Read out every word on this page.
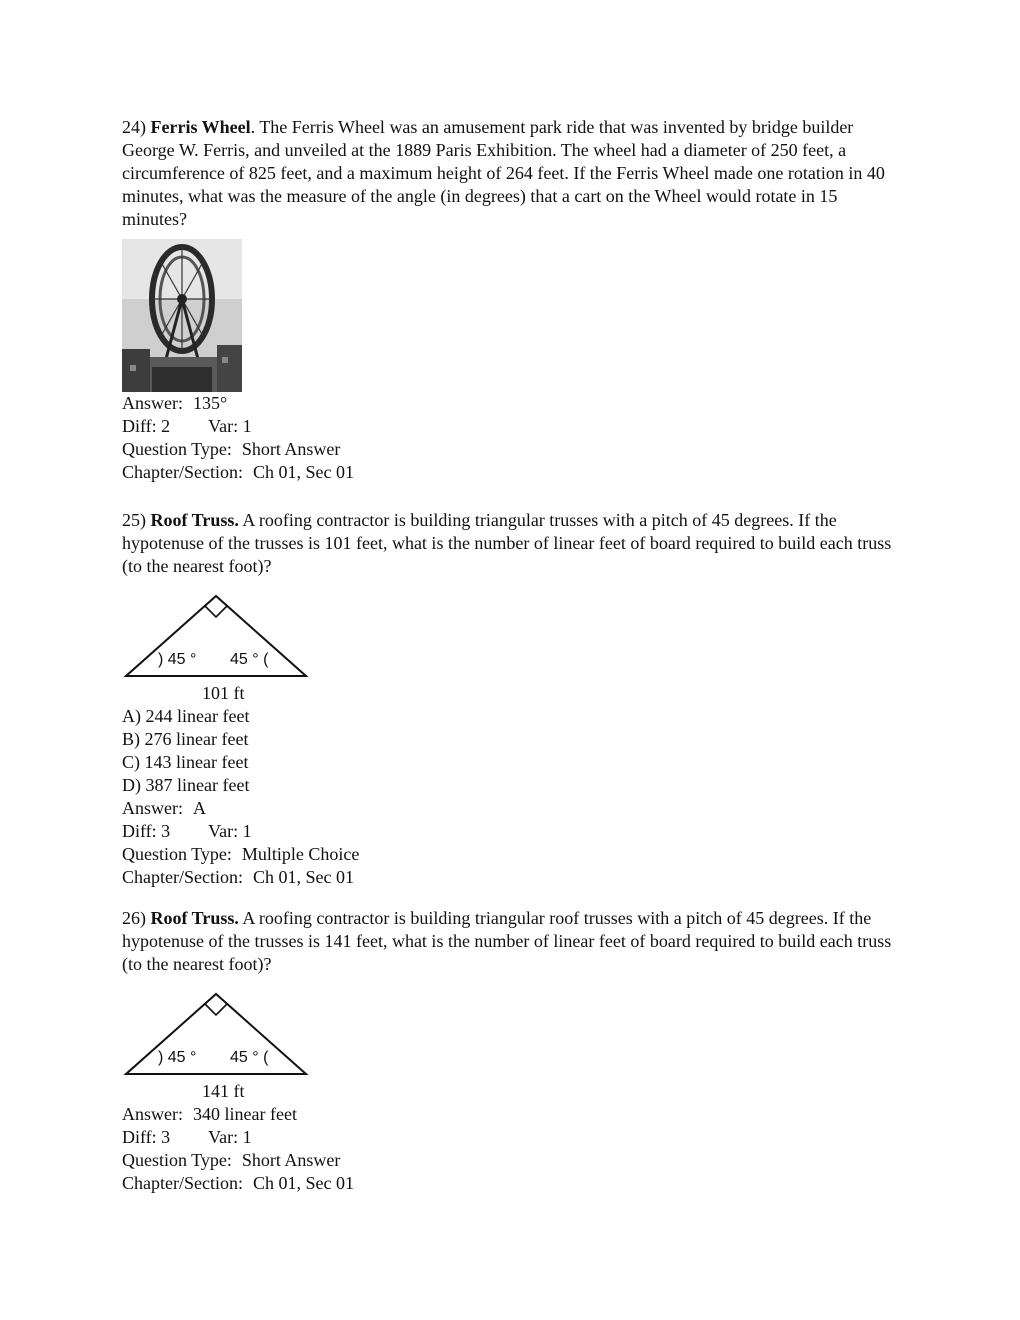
24) Ferris Wheel. The Ferris Wheel was an amusement park ride that was invented by bridge builder George W. Ferris, and unveiled at the 1889 Paris Exhibition. The wheel had a diameter of 250 feet, a circumference of 825 feet, and a maximum height of 264 feet. If the Ferris Wheel made one rotation in 40 minutes, what was the measure of the angle (in degrees) that a cart on the Wheel would rotate in 15 minutes?

Answer: 135°

Diff: 2 Var: 1

Question Type: Short Answer

Chapter/Section: Ch 01, Sec 01

25) Roof Truss. A roofing contractor is building triangular trusses with a pitch of 45 degrees. If the hypotenuse of the trusses is 101 feet, what is the number of linear feet of board required to build each truss (to the nearest foot)?

) 45 ° 45 ° (

101 ft

A) 244 linear feet

B) 276 linear feet

C) 143 linear feet

D) 387 linear feet

Answer: A

Diff: 3 Var: 1

Question Type: Multiple Choice

Chapter/Section: Ch 01, Sec 01

26) Roof Truss. A roofing contractor is building triangular roof trusses with a pitch of 45 degrees. If the hypotenuse of the trusses is 141 feet, what is the number of linear feet of board required to build each truss (to the nearest foot)?

) 45 ° 45 ° (

141 ft

Answer: 340 linear feet

Diff: 3 Var: 1

Question Type: Short Answer

Chapter/Section: Ch 01, Sec 01
